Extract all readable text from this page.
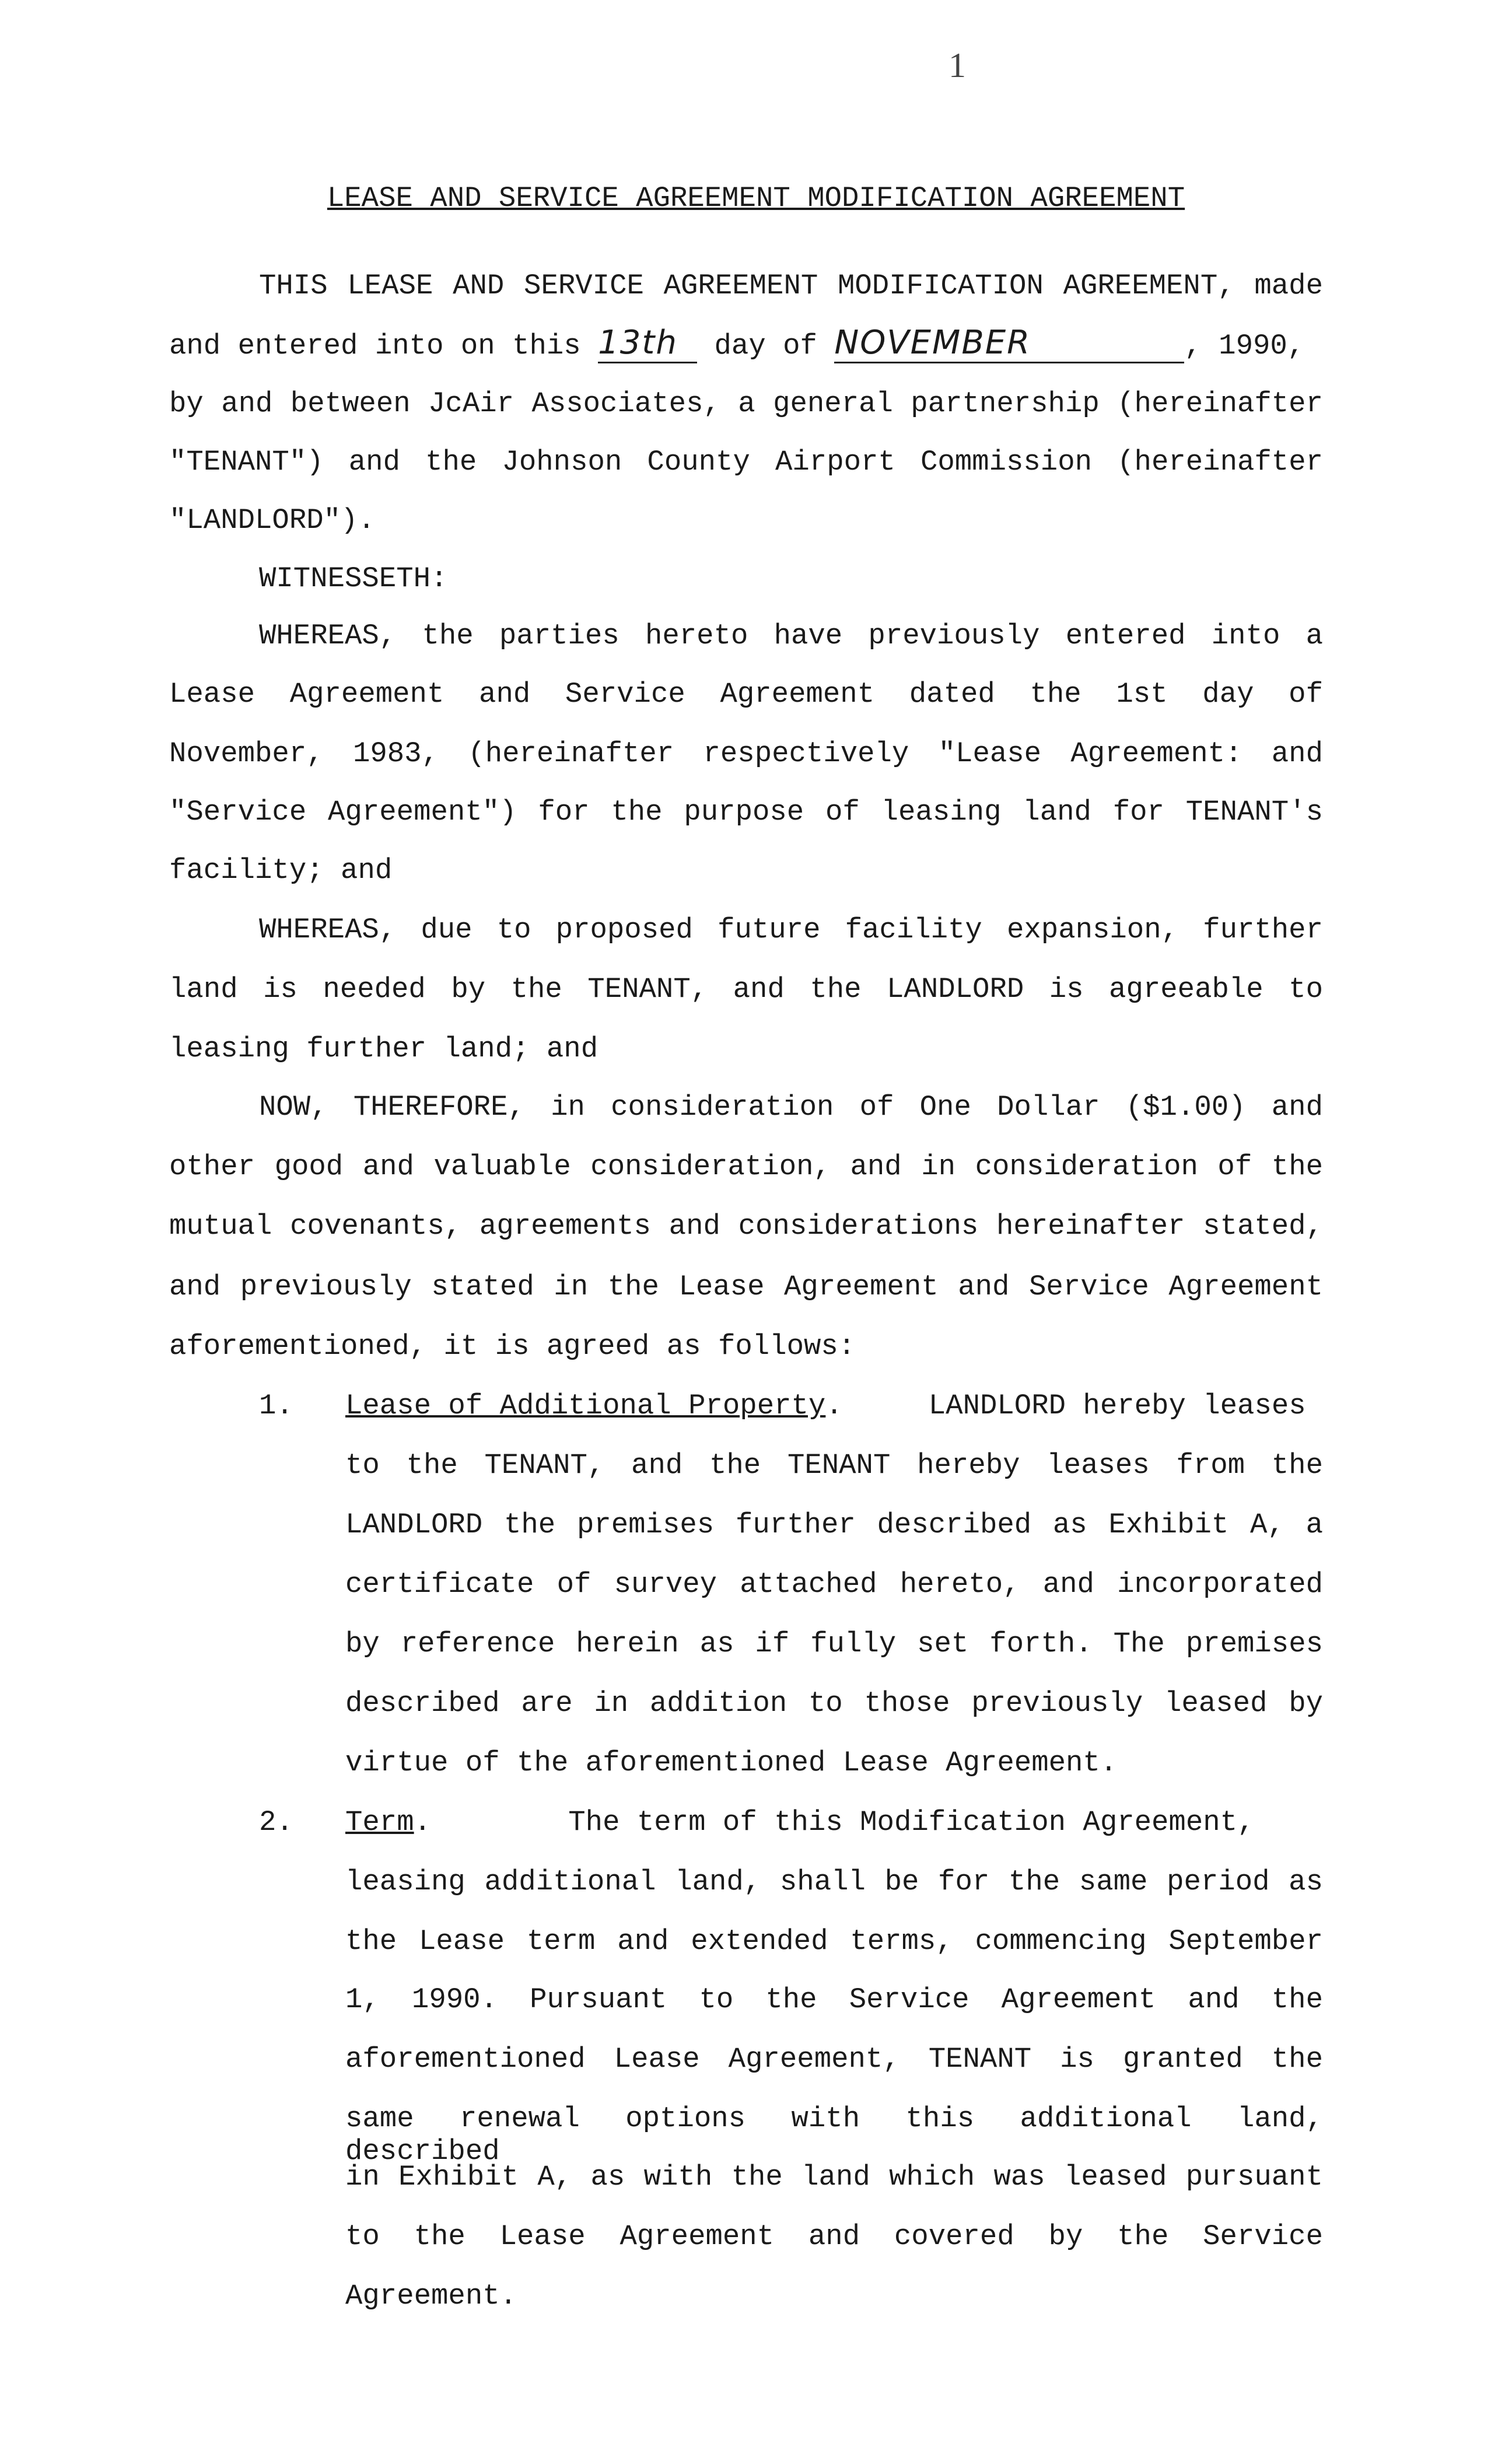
1
LEASE AND SERVICE AGREEMENT MODIFICATION AGREEMENT
THIS LEASE AND SERVICE AGREEMENT MODIFICATION AGREEMENT, made
and entered into on this 13th day of NOVEMBER	, 1990,
by and between JcAir Associates, a general partnership (hereinafter
"TENANT") and the Johnson County Airport Commission (hereinafter
"LANDLORD").
WITNESSETH:
WHEREAS, the parties hereto have previously entered into a
Lease Agreement and Service Agreement dated the 1st day of
November, 1983, (hereinafter respectively "Lease Agreement: and
"Service Agreement") for the purpose of leasing land for TENANT's
facility; and
WHEREAS, due to proposed future facility expansion, further
land is needed by the TENANT, and the LANDLORD is agreeable to
leasing further land; and
NOW, THEREFORE, in consideration of One Dollar ($1.00) and
other good and valuable consideration, and in consideration of the
mutual covenants, agreements and considerations hereinafter stated,
and previously stated in the Lease Agreement and Service Agreement
aforementioned, it is agreed as follows:
1. Lease of Additional Property.     LANDLORD hereby leases
to the TENANT, and the TENANT hereby leases from the
LANDLORD the premises further described as Exhibit A, a
certificate of survey attached hereto, and incorporated
by reference herein as if fully set forth. The premises
described are in addition to those previously leased by
virtue of the aforementioned Lease Agreement.
2. Term.        The term of this Modification Agreement,
leasing additional land, shall be for the same period as
the Lease term and extended terms, commencing September
1, 1990. Pursuant to the Service Agreement and the
aforementioned Lease Agreement, TENANT is granted the
same renewal options with this additional land, described
in Exhibit A, as with the land which was leased pursuant
to the Lease Agreement and covered by the Service
Agreement.
